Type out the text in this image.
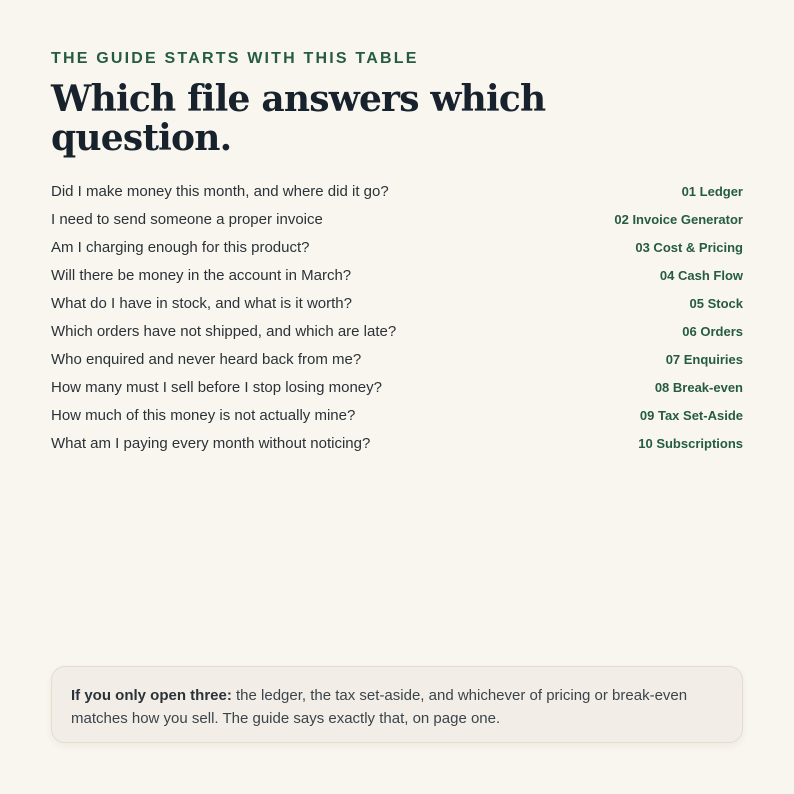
THE GUIDE STARTS WITH THIS TABLE

Which file answers which question.
Did I make money this month, and where did it go?	01 Ledger
I need to send someone a proper invoice	02 Invoice Generator
Am I charging enough for this product?	03 Cost & Pricing
Will there be money in the account in March?	04 Cash Flow
What do I have in stock, and what is it worth?	05 Stock
Which orders have not shipped, and which are late?	06 Orders
Who enquired and never heard back from me?	07 Enquiries
How many must I sell before I stop losing money?	08 Break-even
How much of this money is not actually mine?	09 Tax Set-Aside
What am I paying every month without noticing?	10 Subscriptions
If you only open three: the ledger, the tax set-aside, and whichever of pricing or break-even matches how you sell. The guide says exactly that, on page one.
